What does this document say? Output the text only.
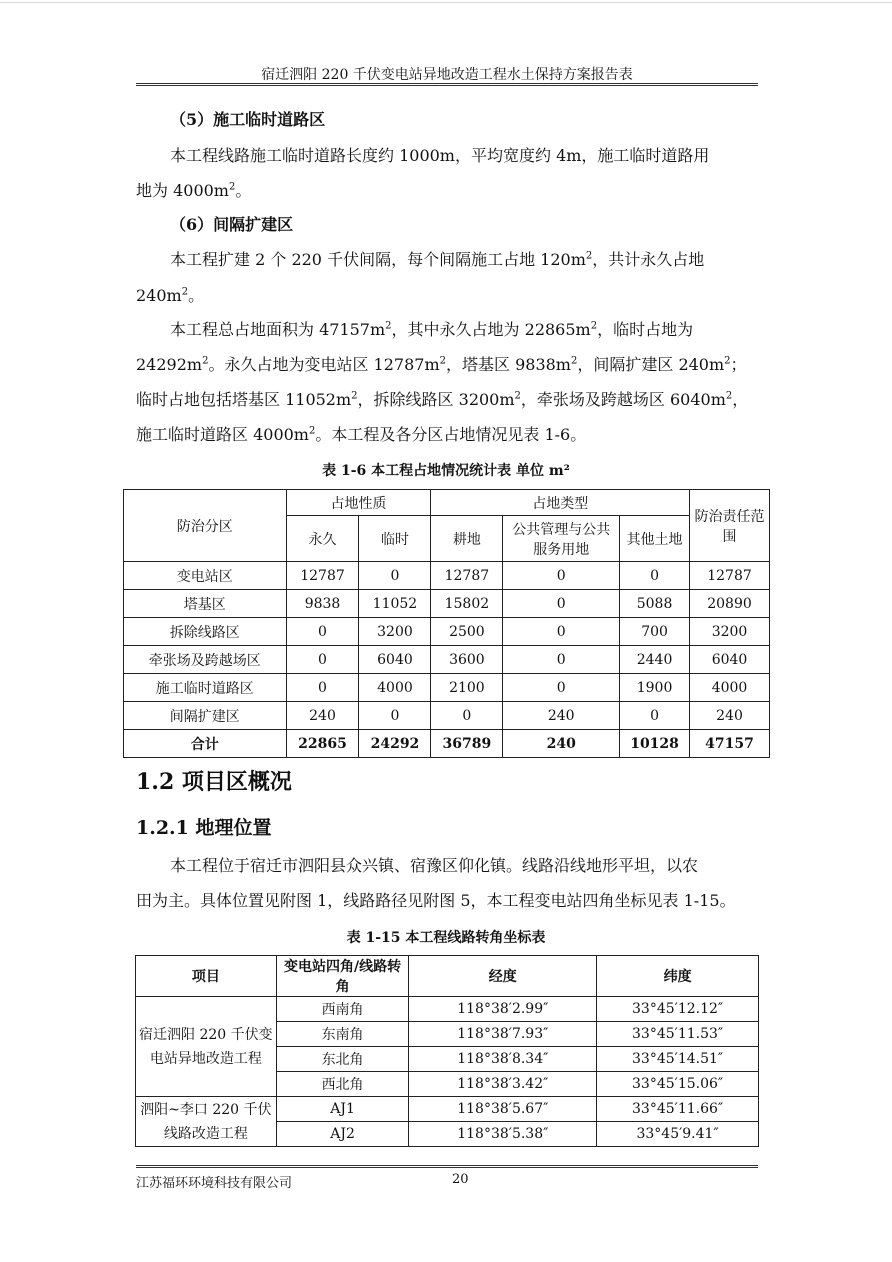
宿迁泗阳 220 千伏变电站异地改造工程水土保持方案报告表
（5）施工临时道路区
本工程线路施工临时道路长度约 1000m，平均宽度约 4m，施工临时道路用
地为 $4000m^2$。
（6）间隔扩建区
本工程扩建 2 个 220 千伏间隔，每个间隔施工占地 $120m^2$，共计永久占地
$240m^2$。
本工程总占地面积为 $47157m^2$，其中永久占地为 $22865m^2$，临时占地为
$24292m^2$。永久占地为变电站区 $12787m^2$，塔基区 $9838m^2$，间隔扩建区 $240m^2$；
临时占地包括塔基区 $11052m^2$，拆除线路区 $3200m^2$，牵张场及跨越场区 $6040m^2$，
施工临时道路区 $4000m^2$。本工程及各分区占地情况见表 1-6。
表 1-6 本工程占地情况统计表 单位 m²
防治分区	占地性质		占地类型			防治责任范围
	永久	临时	耕地	公共管理与公共服务用地	其他土地	
变电站区	12787	0	12787	0	0	12787
塔基区	9838	11052	15802	0	5088	20890
拆除线路区	0	3200	2500	0	700	3200
牵张场及跨越场区	0	6040	3600	0	2440	6040
施工临时道路区	0	4000	2100	0	1900	4000
间隔扩建区	240	0	0	240	0	240
合计	22865	24292	36789	240	10128	47157
1.2 项目区概况
1.2.1 地理位置
本工程位于宿迁市泗阳县众兴镇、宿豫区仰化镇。线路沿线地形平坦，以农
田为主。具体位置见附图 1，线路路径见附图 5，本工程变电站四角坐标见表 1-15。
表 1-15 本工程线路转角坐标表
项目	变电站四角/线路转角	经度	纬度
宿迁泗阳 220 千伏变电站异地改造工程	西南角	118°38′2.99″	33°45′12.12″
	东南角	118°38′7.93″	33°45′11.53″
	东北角	118°38′8.34″	33°45′14.51″
	西北角	118°38′3.42″	33°45′15.06″
泗阳~李口 220 千伏线路改造工程	AJ1	118°38′5.67″	33°45′11.66″
	AJ2	118°38′5.38″	33°45′9.41″
江苏福环环境科技有限公司	20
